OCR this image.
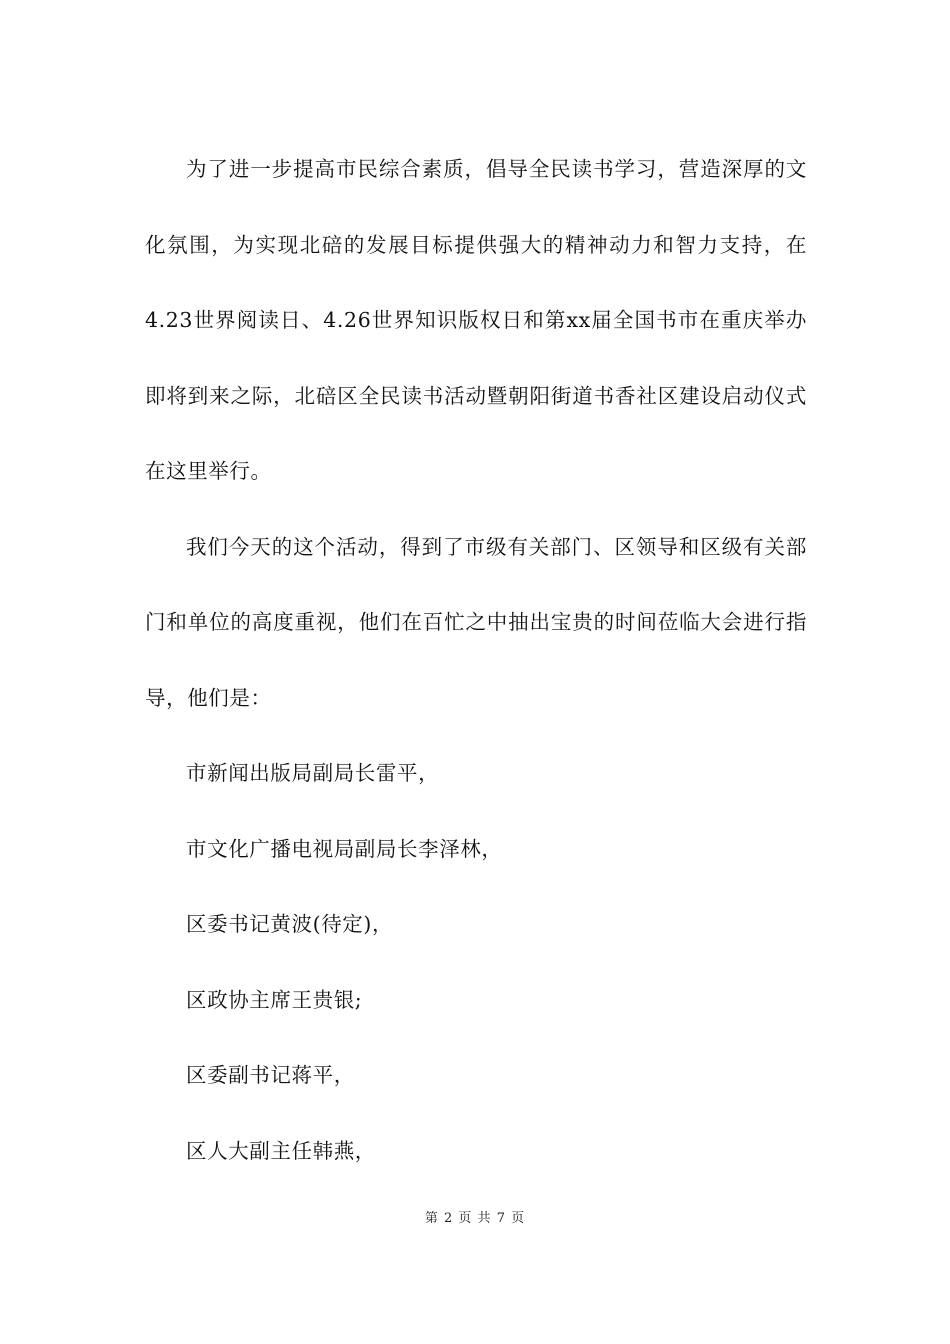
为了进一步提高市民综合素质，倡导全民读书学习，营造深厚的文化氛围，为实现北碚的发展目标提供强大的精神动力和智力支持，在 4.23世界阅读日、4.26世界知识版权日和第xx届全国书市在重庆举办即将到来之际，北碚区全民读书活动暨朝阳街道书香社区建设启动仪式在这里举行。

我们今天的这个活动，得到了市级有关部门、区领导和区级有关部门和单位的高度重视，他们在百忙之中抽出宝贵的时间莅临大会进行指导，他们是：

市新闻出版局副局长雷平，

市文化广播电视局副局长李泽林，

区委书记黄波(待定)，

区政协主席王贵银;

区委副书记蒋平，

区人大副主任韩燕，

第 2 页 共 7 页
